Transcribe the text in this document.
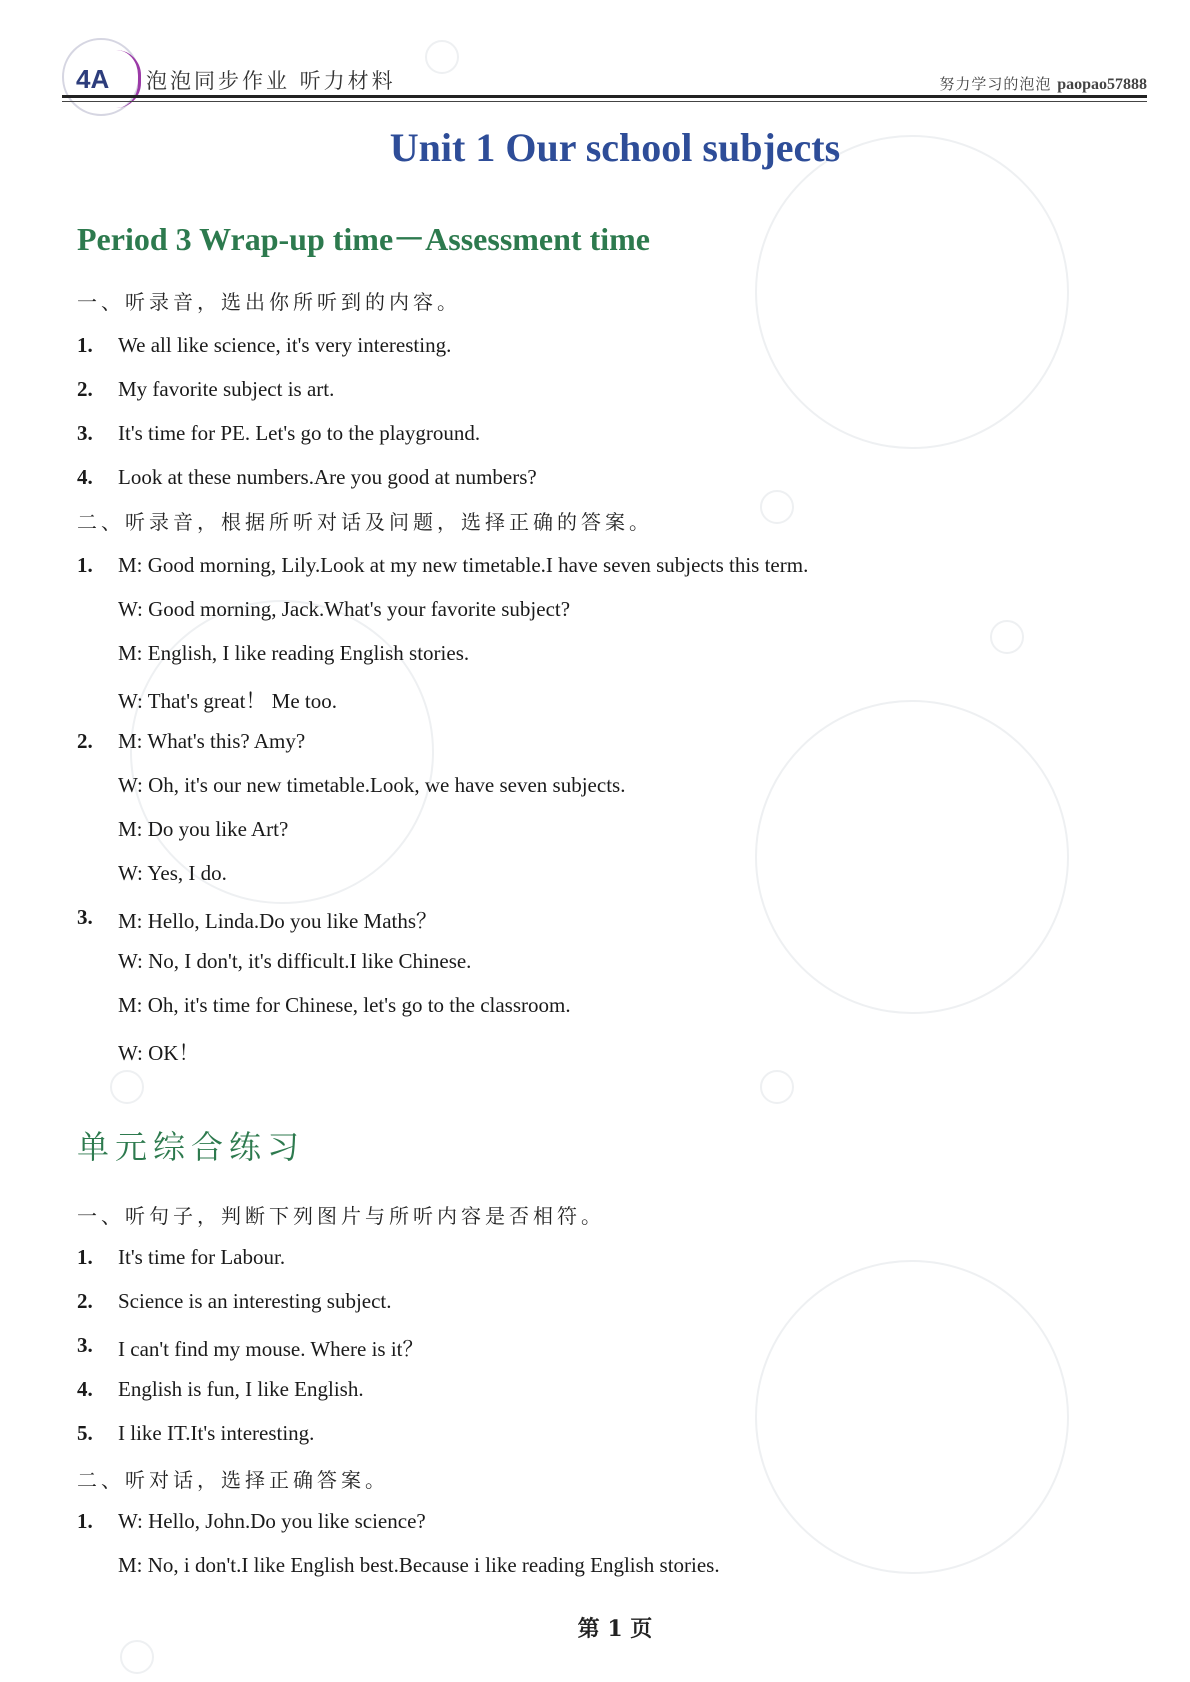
4A 泡泡同步作业 听力材料	努力学习的泡泡 paopao57888
Unit 1 Our school subjects
Period 3 Wrap-up time－Assessment time
一、听录音，选出你所听到的内容。
1. We all like science, it's very interesting.
2. My favorite subject is art.
3. It's time for PE. Let's go to the playground.
4. Look at these numbers.Are you good at numbers?
二、听录音，根据所听对话及问题，选择正确的答案。
1. M: Good morning, Lily.Look at my new timetable.I have seven subjects this term.
W: Good morning, Jack.What's your favorite subject?
M: English, I like reading English stories.
W: That's great！ Me too.
2. M: What's this? Amy?
W: Oh, it's our new timetable.Look, we have seven subjects.
M: Do you like Art?
W: Yes, I do.
3. M: Hello, Linda.Do you like Maths？
W: No, I don't, it's difficult.I like Chinese.
M: Oh, it's time for Chinese, let's go to the classroom.
W: OK！
单元综合练习
一、听句子，判断下列图片与所听内容是否相符。
1. It's time for Labour.
2. Science is an interesting subject.
3. I can't find my mouse. Where is it？
4. English is fun, I like English.
5. I like IT.It's interesting.
二、听对话，选择正确答案。
1. W: Hello, John.Do you like science?
M: No, i don't.I like English best.Because i like reading English stories.
第 1 页
